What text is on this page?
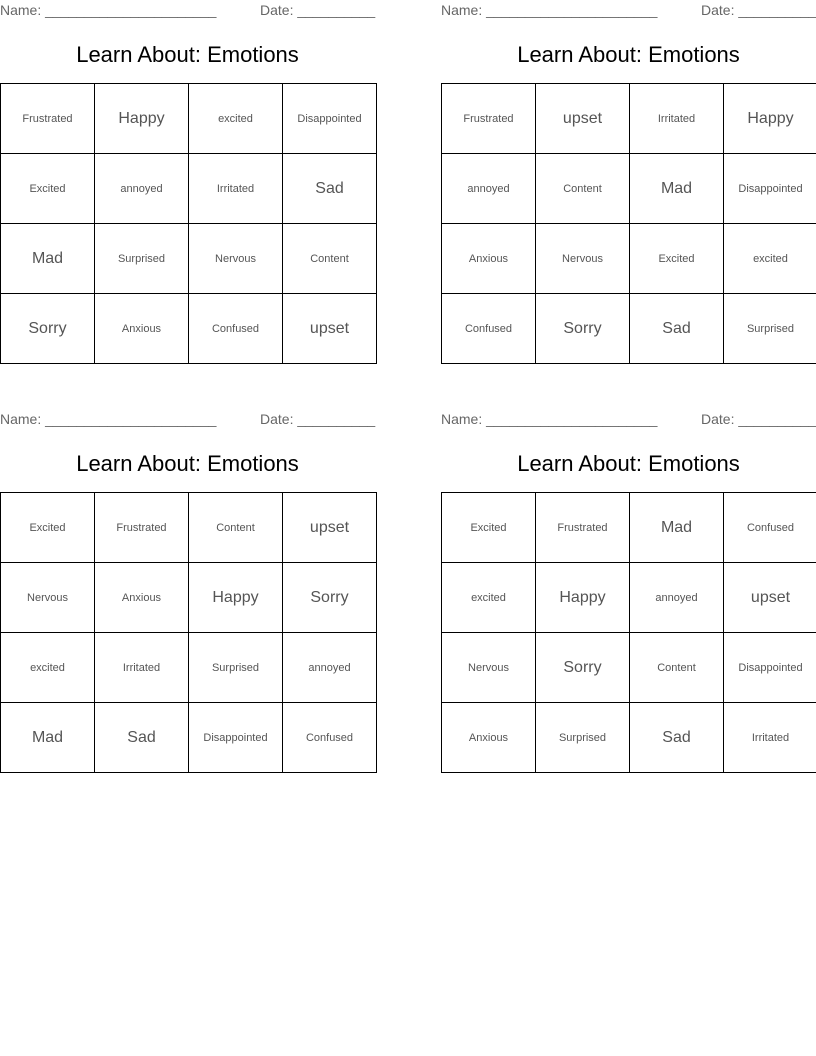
Name: ______________________	Date: __________
Learn About: Emotions
Frustrated	Happy	excited	Disappointed
Excited	annoyed	Irritated	Sad
Mad	Surprised	Nervous	Content
Sorry	Anxious	Confused	upset
Name: ______________________	Date: __________
Learn About: Emotions
Frustrated	upset	Irritated	Happy
annoyed	Content	Mad	Disappointed
Anxious	Nervous	Excited	excited
Confused	Sorry	Sad	Surprised
Name: ______________________	Date: __________
Learn About: Emotions
Excited	Frustrated	Content	upset
Nervous	Anxious	Happy	Sorry
excited	Irritated	Surprised	annoyed
Mad	Sad	Disappointed	Confused
Name: ______________________	Date: __________
Learn About: Emotions
Excited	Frustrated	Mad	Confused
excited	Happy	annoyed	upset
Nervous	Sorry	Content	Disappointed
Anxious	Surprised	Sad	Irritated
